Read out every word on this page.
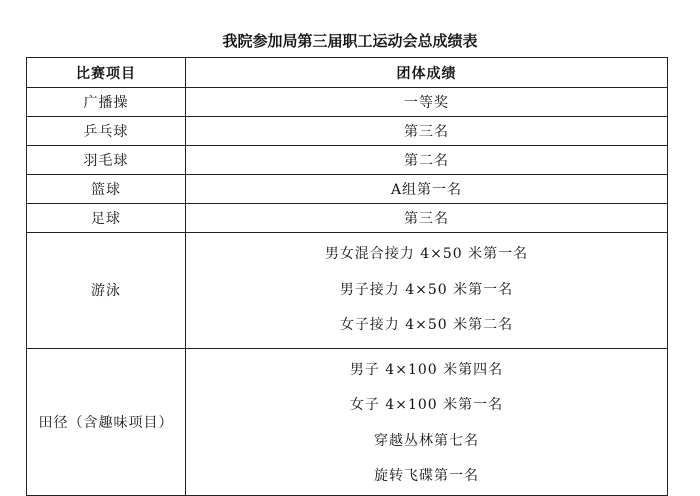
我院参加局第三届职工运动会总成绩表
比赛项目	团体成绩
广播操	一等奖
乒乓球	第三名
羽毛球	第二名
篮球	A组第一名
足球	第三名
游泳	男女混合接力 4×50 米第一名
男子接力 4×50 米第一名
女子接力 4×50 米第二名

田径（含趣味项目）	男子 4×100 米第四名
女子 4×100 米第一名
穿越丛林第七名
旋转飞碟第一名
